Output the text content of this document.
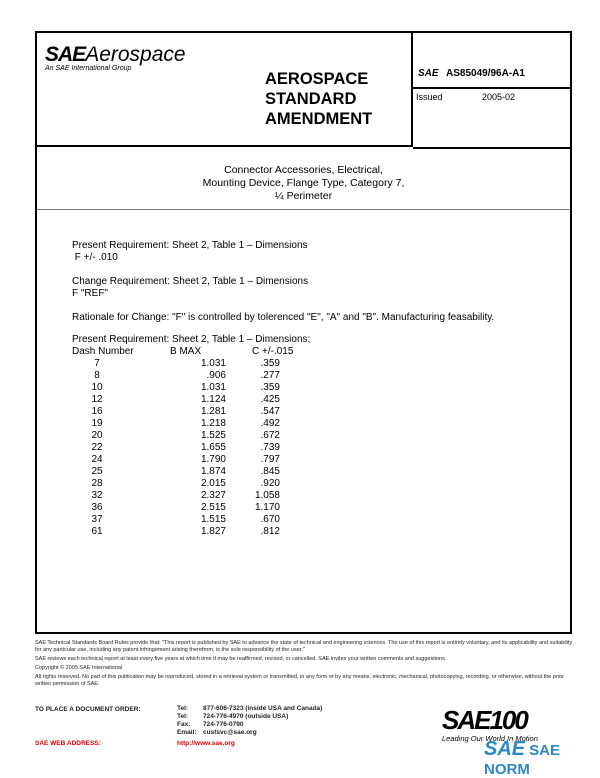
SAEAerospace
An SAE International Group
AEROSPACE
STANDARD
AMENDMENT
SAE AS85049/96A-A1
Issued	2005-02
Connector Accessories, Electrical,
Mounting Device, Flange Type, Category 7,
¼ Perimeter

Present Requirement: Sheet 2, Table 1 – Dimensions

F +/- .010

Change Requirement: Sheet 2, Table 1 – Dimensions

F "REF"

Rationale for Change: "F" is controlled by tolerenced "E", "A" and "B". Manufacturing feasability.

Present Requirement: Sheet 2, Table 1 – Dimensions;
Dash Number	B MAX	C +/-.015
7	1.031	.359
8	.906	.277
10	1.031	.359
12	1.124	.425
16	1.281	.547
19	1.218	.492
20	1.525	.672
22	1.655	.739
24	1.790	.797
25	1.874	.845
28	2.015	.920
32	2.327	1.058
36	2.515	1.170
37	1.515	.670
61	1.827	.812

SAE Technical Standards Board Rules provide that: "This report is published by SAE to advance the state of technical and engineering sciences. The use of this report is entirely voluntary, and its applicability and suitability for any particular use, including any patent infringement arising therefrom, is the sole responsibility of the user."

SAE reviews each technical report at least every five years at which time it may be reaffirmed, revised, or cancelled. SAE invites your written comments and suggestions.

Copyright © 2005 SAE International

All rights reserved. No part of this publication may be reproduced, stored in a retrieval system or transmitted, in any form or by any means, electronic, mechanical, photocopying, recording, or otherwise, without the prior written permission of SAE.

TO PLACE A DOCUMENT ORDER:	Tel: 877-606-7323 (inside USA and Canada)
Tel: 724-776-4970 (outside USA)
Fax: 724-776-0790
Email: custsvc@sae.org
SAE WEB ADDRESS:	http://www.sae.org
SAE100
Leading Our World In Motion
SAE SAE NORM
